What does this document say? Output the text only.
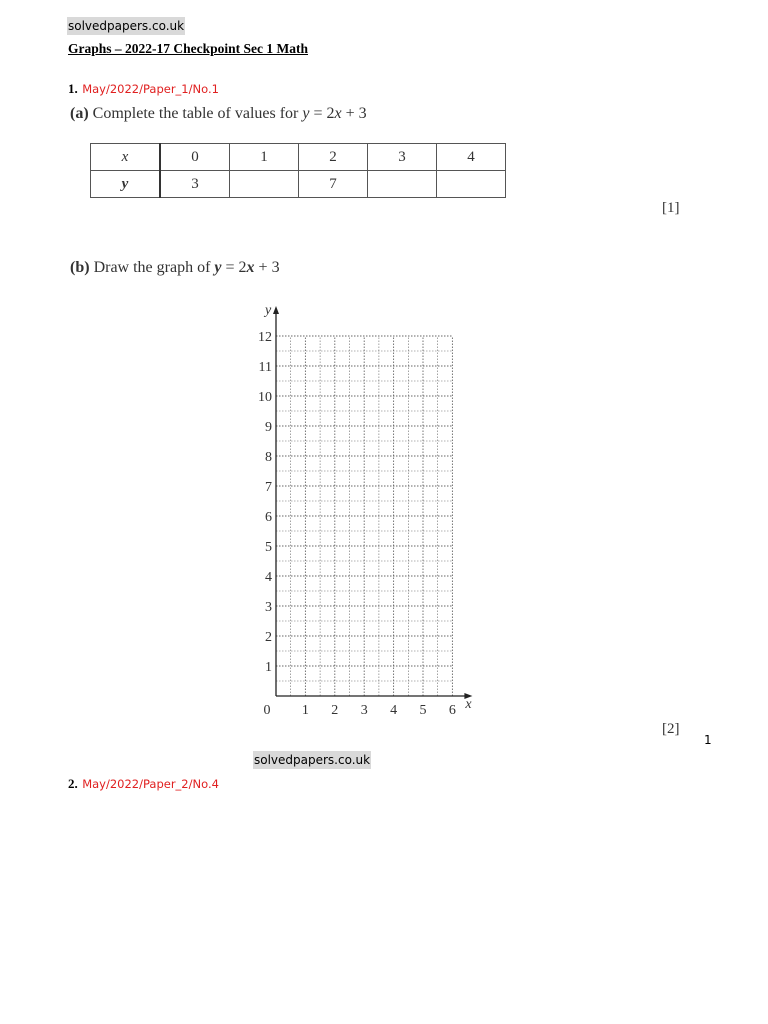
solvedpapers.co.uk
Graphs – 2022-17 Checkpoint Sec 1 Math
1. May/2022/Paper_1/No.1
(a) Complete the table of values for y = 2x + 3
x	0	1	2	3	4
y	3		7		
[1]
(b) Draw the graph of y = 2x + 3
x
y
0 1 2 3 4 5 6
1
2
3
4
5
6
7
8
9
10
11
12
[2]
1
solvedpapers.co.uk
2. May/2022/Paper_2/No.4
